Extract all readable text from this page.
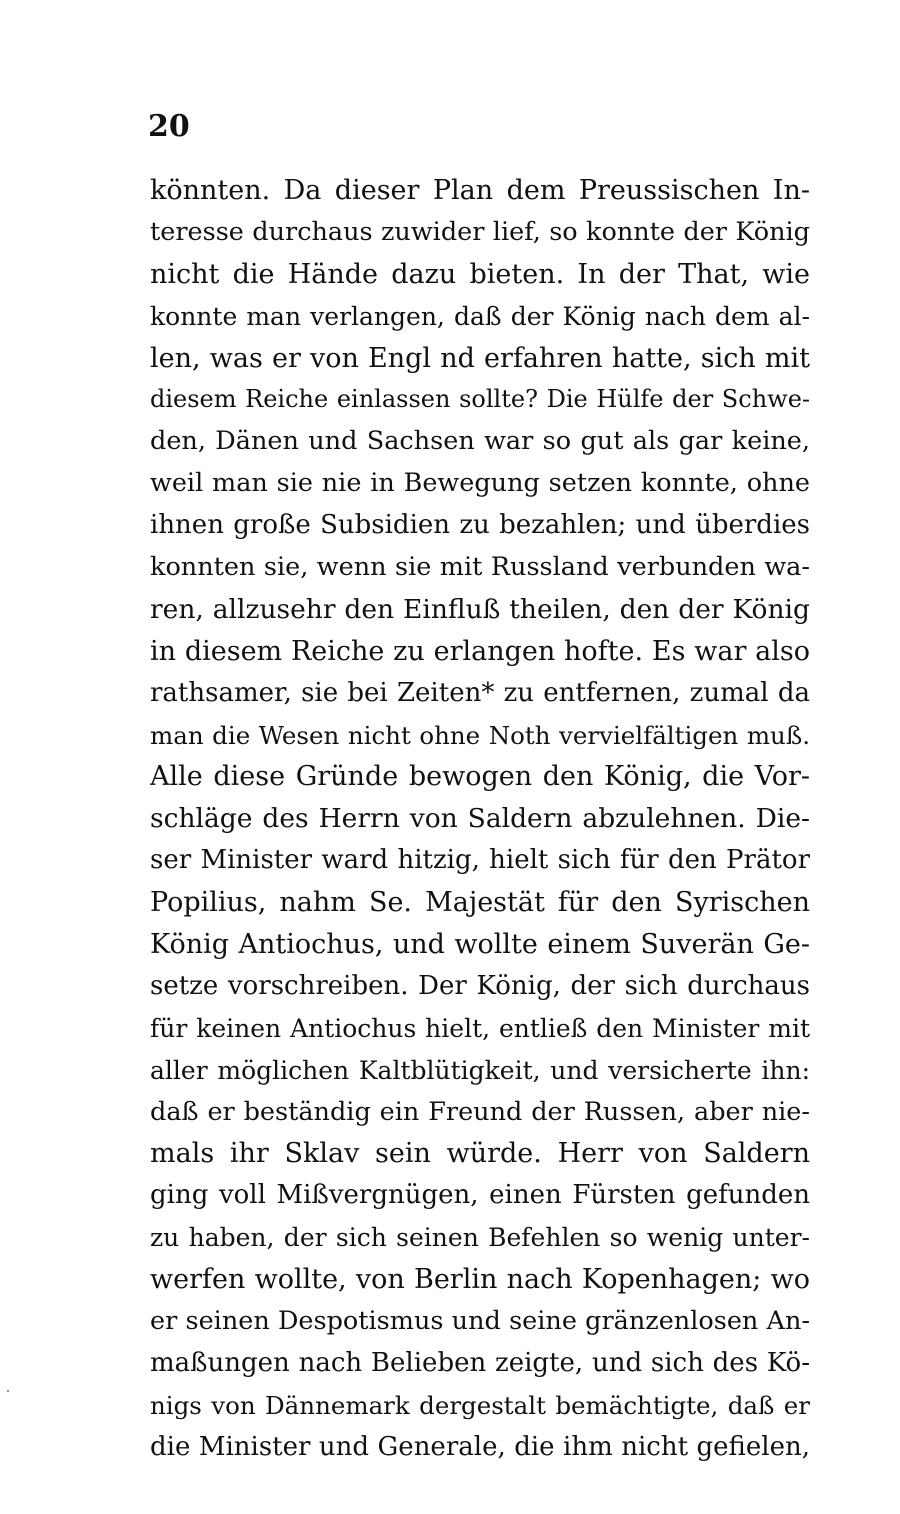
20
könnten. Da dieser Plan dem Preussischen In-
teresse durchaus zuwider lief, so konnte der König
nicht die Hände dazu bieten. In der That, wie
konnte man verlangen, daß der König nach dem al-
len, was er von Engl nd erfahren hatte, sich mit
diesem Reiche einlassen sollte? Die Hülfe der Schwe-
den, Dänen und Sachsen war so gut als gar keine,
weil man sie nie in Bewegung setzen konnte, ohne
ihnen große Subsidien zu bezahlen; und überdies
konnten sie, wenn sie mit Russland verbunden wa-
ren, allzusehr den Einfluß theilen, den der König
in diesem Reiche zu erlangen hofte. Es war also
rathsamer, sie bei Zeiten* zu entfernen, zumal da
man die Wesen nicht ohne Noth vervielfältigen muß.
Alle diese Gründe bewogen den König, die Vor-
schläge des Herrn von Saldern abzulehnen. Die-
ser Minister ward hitzig, hielt sich für den Prätor
Popilius, nahm Se. Majestät für den Syrischen
König Antiochus, und wollte einem Suverän Ge-
setze vorschreiben. Der König, der sich durchaus
für keinen Antiochus hielt, entließ den Minister mit
aller möglichen Kaltblütigkeit, und versicherte ihn:
daß er beständig ein Freund der Russen, aber nie-
mals ihr Sklav sein würde. Herr von Saldern
ging voll Mißvergnügen, einen Fürsten gefunden
zu haben, der sich seinen Befehlen so wenig unter-
werfen wollte, von Berlin nach Kopenhagen; wo
er seinen Despotismus und seine gränzenlosen An-
maßungen nach Belieben zeigte, und sich des Kö-
nigs von Dännemark dergestalt bemächtigte, daß er
die Minister und Generale, die ihm nicht gefielen,
